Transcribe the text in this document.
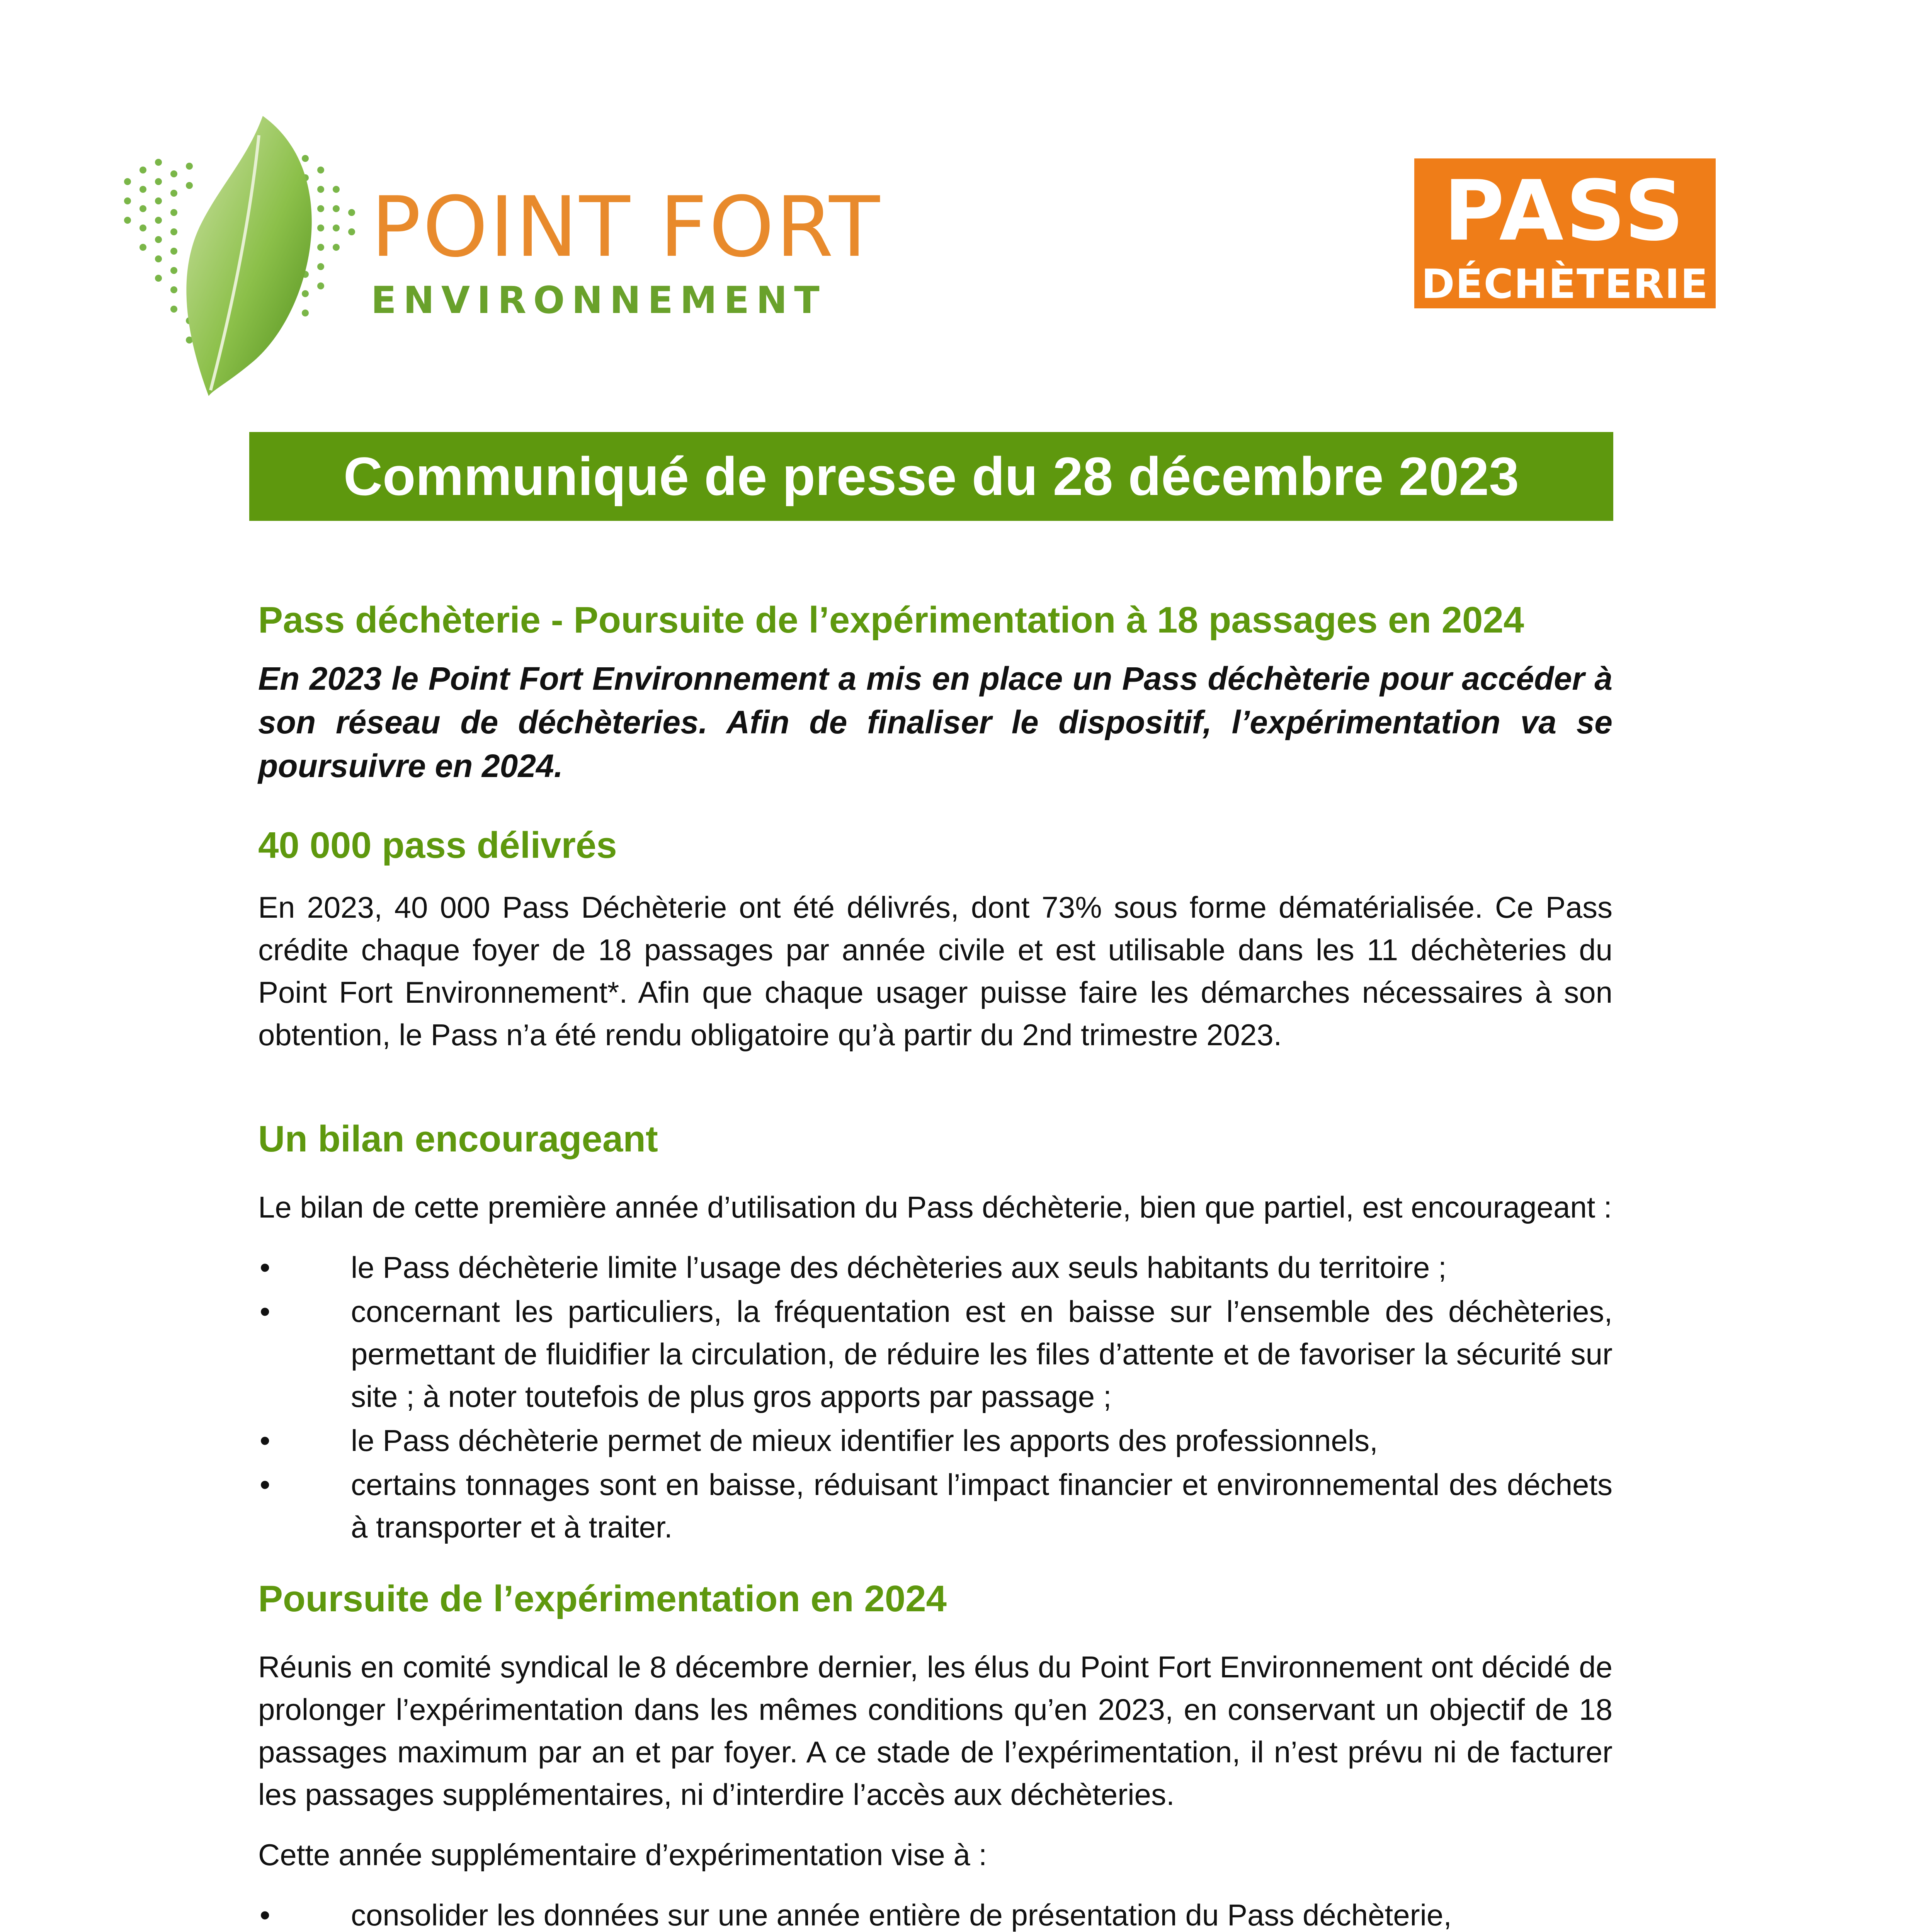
POINT FORT
ENVIRONNEMENT
PASS
DÉCHÈTERIE
Communiqué de presse du 28 décembre 2023
Pass déchèterie - Poursuite de l’expérimentation à 18 passages en 2024

En 2023 le Point Fort Environnement a mis en place un Pass déchèterie pour accéder à son réseau de déchèteries. Afin de finaliser le dispositif, l’expérimentation va se poursuivre en 2024.

40 000 pass délivrés

En 2023, 40 000 Pass Déchèterie ont été délivrés, dont 73% sous forme dématérialisée. Ce Pass crédite chaque foyer de 18 passages par année civile et est utilisable dans les 11 déchèteries du Point Fort Environnement*. Afin que chaque usager puisse faire les démarches nécessaires à son obtention, le Pass n’a été rendu obligatoire qu’à partir du 2nd trimestre 2023.

Un bilan encourageant

Le bilan de cette première année d’utilisation du Pass déchèterie, bien que partiel, est encourageant :

•	le Pass déchèterie limite l’usage des déchèteries aux seuls habitants du territoire ;
•	concernant les particuliers, la fréquentation est en baisse sur l’ensemble des déchèteries, permettant de fluidifier la circulation, de réduire les files d’attente et de favoriser la sécurité sur site ; à noter toutefois de plus gros apports par passage ;
•	le Pass déchèterie permet de mieux identifier les apports des professionnels,
•	certains tonnages sont en baisse, réduisant l’impact financier et environnemental des déchets à transporter et à traiter.
Poursuite de l’expérimentation en 2024

Réunis en comité syndical le 8 décembre dernier, les élus du Point Fort Environnement ont décidé de prolonger l’expérimentation dans les mêmes conditions qu’en 2023, en conservant un objectif de 18 passages maximum par an et par foyer. A ce stade de l’expérimentation, il n’est prévu ni de facturer les passages supplémentaires, ni d’interdire l’accès aux déchèteries.

Cette année supplémentaire d’expérimentation vise à :

•	consolider les données sur une année entière de présentation du Pass déchèterie,
